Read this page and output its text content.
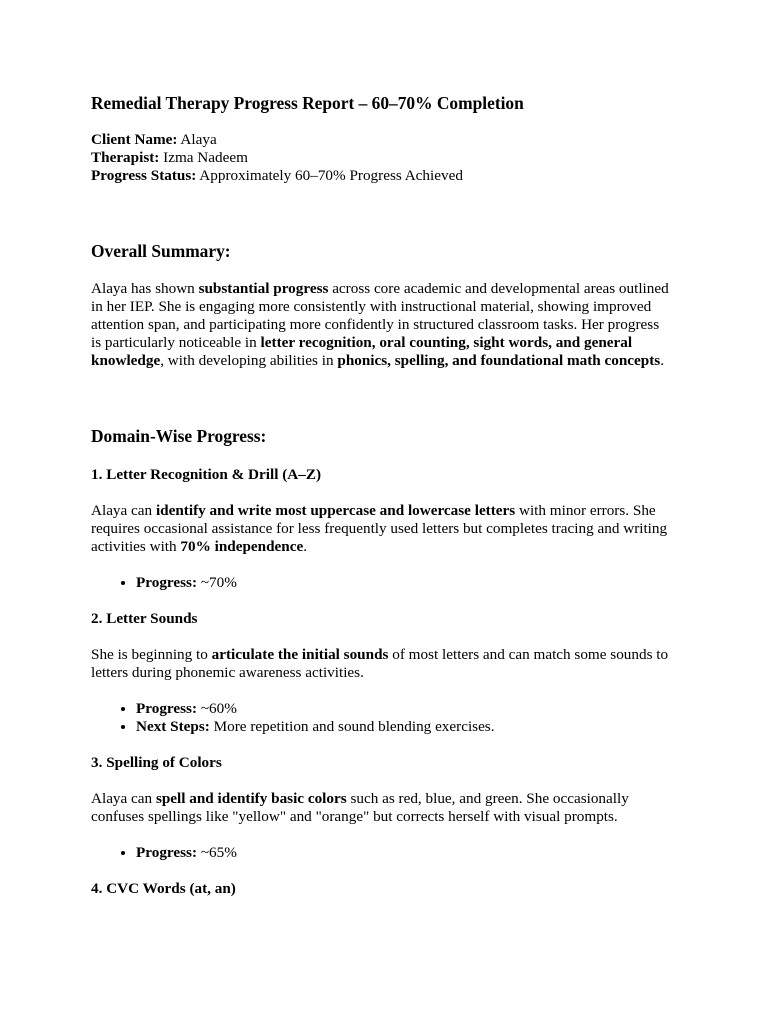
Remedial Therapy Progress Report – 60–70% Completion
Client Name: Alaya
Therapist: Izma Nadeem
Progress Status: Approximately 60–70% Progress Achieved
Overall Summary:

Alaya has shown substantial progress across core academic and developmental areas outlined in her IEP. She is engaging more consistently with instructional material, showing improved attention span, and participating more confidently in structured classroom tasks. Her progress is particularly noticeable in letter recognition, oral counting, sight words, and general knowledge, with developing abilities in phonics, spelling, and foundational math concepts.

Domain-Wise Progress:
1. Letter Recognition & Drill (A–Z)

Alaya can identify and write most uppercase and lowercase letters with minor errors. She requires occasional assistance for less frequently used letters but completes tracing and writing activities with 70% independence.

• Progress: ~70%
2. Letter Sounds

She is beginning to articulate the initial sounds of most letters and can match some sounds to letters during phonemic awareness activities.

• Progress: ~60%
• Next Steps: More repetition and sound blending exercises.
3. Spelling of Colors

Alaya can spell and identify basic colors such as red, blue, and green. She occasionally confuses spellings like "yellow" and "orange" but corrects herself with visual prompts.

• Progress: ~65%
4. CVC Words (at, an)
